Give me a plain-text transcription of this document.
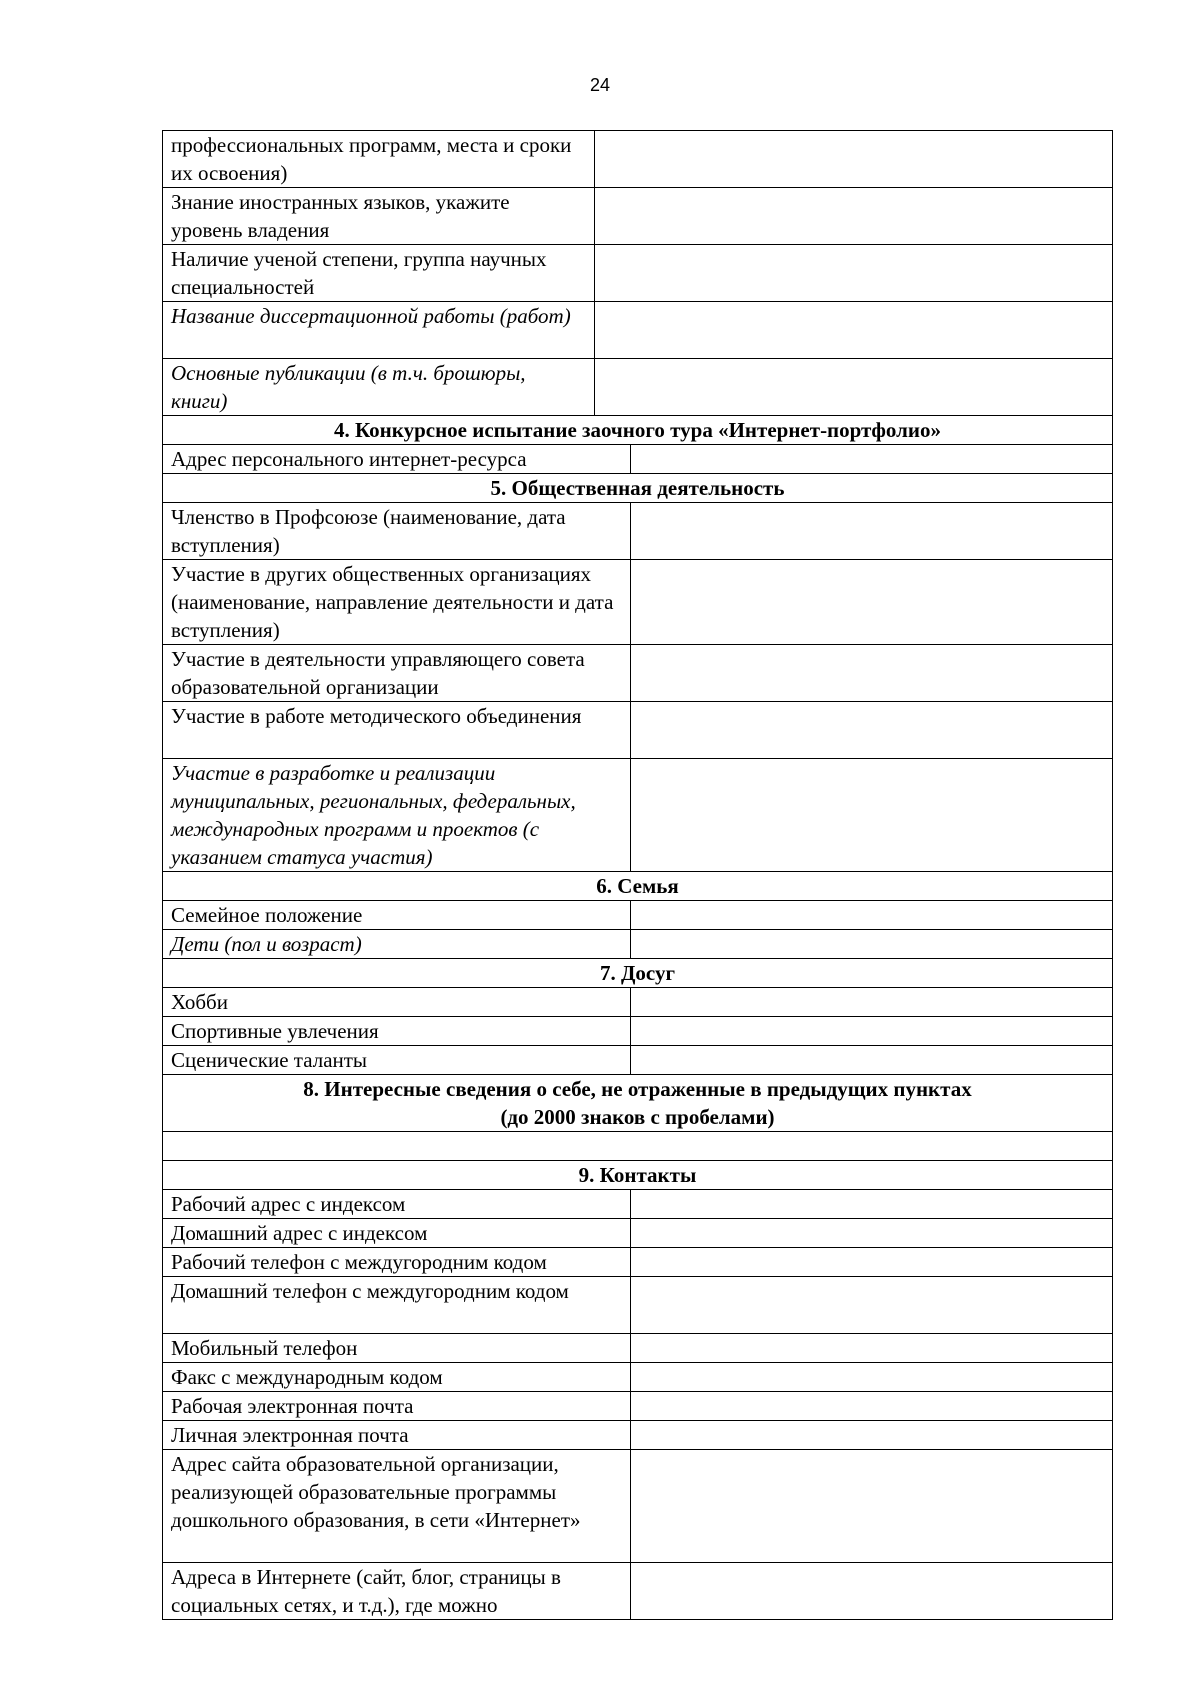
24
профессиональных программ, места и сроки их освоения)	
Знание иностранных языков, укажите уровень владения	
Наличие ученой степени, группа научных специальностей	
Название диссертационной работы (работ)	
Основные публикации (в т.ч. брошюры, книги)	
4. Конкурсное испытание заочного тура «Интернет-портфолио»	
Адрес персонального интернет-ресурса	
5. Общественная деятельность	
Членство в Профсоюзе (наименование, дата вступления)	
Участие в других общественных организациях (наименование, направление деятельности и дата вступления)	
Участие в деятельности управляющего совета образовательной организации	
Участие в работе методического объединения	
Участие в разработке и реализации муниципальных, региональных, федеральных, международных программ и проектов (с указанием статуса участия)	
6. Семья	
Семейное положение	
Дети (пол и возраст)	
7. Досуг	
Хобби	
Спортивные увлечения	
Сценические таланты	

8. Интересные сведения о себе, не отраженные в предыдущих пунктах
(до 2000 знаков с пробелами)	

9. Контакты	
Рабочий адрес с индексом	
Домашний адрес с индексом	
Рабочий телефон с междугородним кодом	
Домашний телефон с междугородним кодом	
Мобильный телефон	
Факс с международным кодом	
Рабочая электронная почта	
Личная электронная почта	
Адрес сайта образовательной организации, реализующей образовательные программы дошкольного образования, в сети «Интернет»	
Адреса в Интернете (сайт, блог, страницы в социальных сетях, и т.д.), где можно	
